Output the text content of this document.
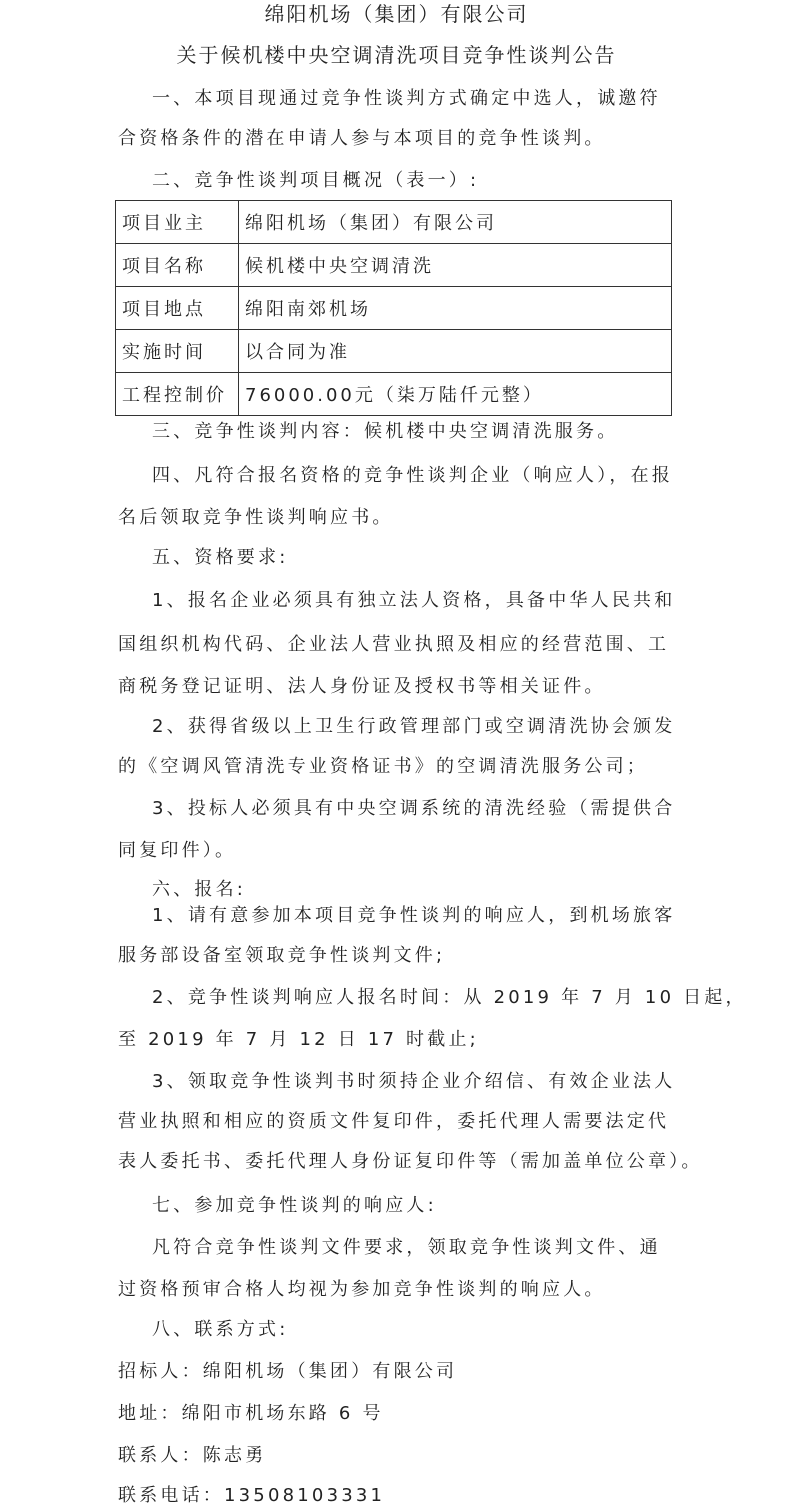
绵阳机场（集团）有限公司
关于候机楼中央空调清洗项目竞争性谈判公告
一、本项目现通过竞争性谈判方式确定中选人，诚邀符
合资格条件的潜在申请人参与本项目的竞争性谈判。
二、竞争性谈判项目概况（表一）:
项目业主	绵阳机场（集团）有限公司
项目名称	候机楼中央空调清洗
项目地点	绵阳南郊机场
实施时间	以合同为准
工程控制价	76000.00元（柒万陆仟元整）
三、竞争性谈判内容：候机楼中央空调清洗服务。
四、凡符合报名资格的竞争性谈判企业（响应人），在报
名后领取竞争性谈判响应书。
五、资格要求:
1、报名企业必须具有独立法人资格，具备中华人民共和
国组织机构代码、企业法人营业执照及相应的经营范围、工
商税务登记证明、法人身份证及授权书等相关证件。
2、获得省级以上卫生行政管理部门或空调清洗协会颁发
的《空调风管清洗专业资格证书》的空调清洗服务公司；
3、投标人必须具有中央空调系统的清洗经验（需提供合
同复印件）。
六、报名:
1、请有意参加本项目竞争性谈判的响应人，到机场旅客
服务部设备室领取竞争性谈判文件;
2、竞争性谈判响应人报名时间：从 2019 年 7 月 10 日起，
至 2019 年 7 月 12 日 17 时截止;
3、领取竞争性谈判书时须持企业介绍信、有效企业法人
营业执照和相应的资质文件复印件，委托代理人需要法定代
表人委托书、委托代理人身份证复印件等（需加盖单位公章）。
七、参加竞争性谈判的响应人:
凡符合竞争性谈判文件要求，领取竞争性谈判文件、通
过资格预审合格人均视为参加竞争性谈判的响应人。
八、联系方式:
招标人：绵阳机场（集团）有限公司
地址：绵阳市机场东路 6 号
联系人：陈志勇
联系电话：13508103331
